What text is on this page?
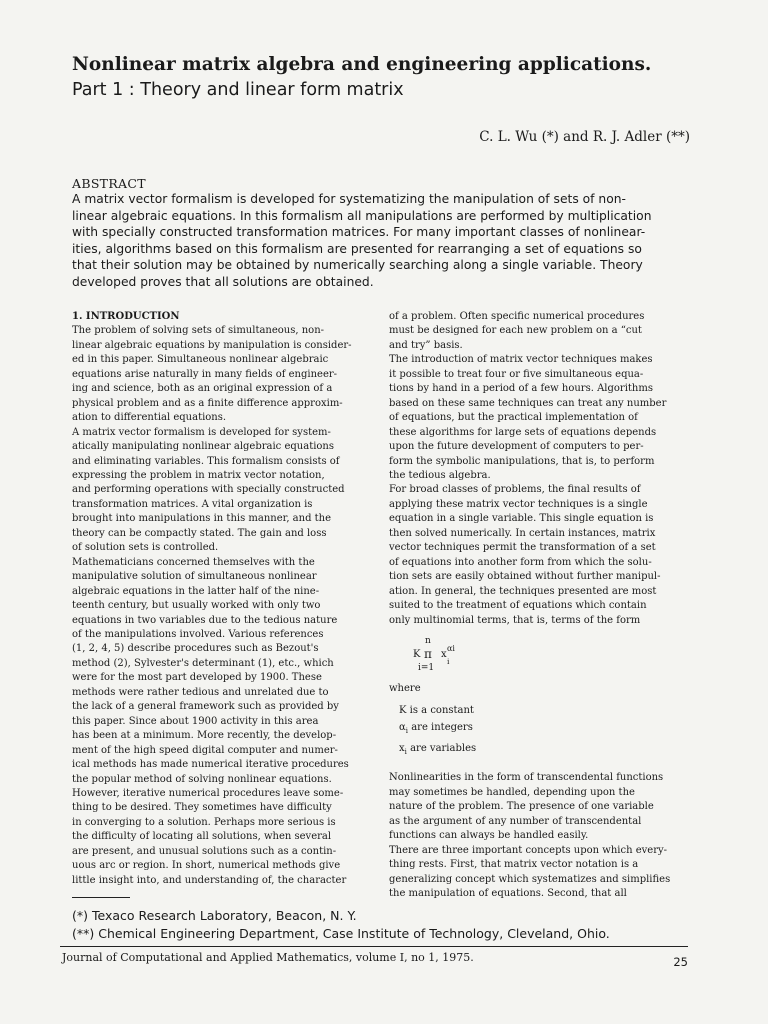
Nonlinear matrix algebra and engineering applications.
Part 1 : Theory and linear form matrix
C. L. Wu (*) and R. J. Adler (**)
ABSTRACT
A matrix vector formalism is developed for systematizing the manipulation of sets of non-
linear algebraic equations. In this formalism all manipulations are performed by multiplication
with specially constructed transformation matrices. For many important classes of nonlinear-
ities, algorithms based on this formalism are presented for rearranging a set of equations so
that their solution may be obtained by numerically searching along a single variable. Theory
developed proves that all solutions are obtained.
1. INTRODUCTION
The problem of solving sets of simultaneous, non-
linear algebraic equations by manipulation is consider-
ed in this paper. Simultaneous nonlinear algebraic
equations arise naturally in many fields of engineer-
ing and science, both as an original expression of a
physical problem and as a finite difference approxim-
ation to differential equations.
A matrix vector formalism is developed for system-
atically manipulating nonlinear algebraic equations
and eliminating variables. This formalism consists of
expressing the problem in matrix vector notation,
and performing operations with specially constructed
transformation matrices. A vital organization is
brought into manipulations in this manner, and the
theory can be compactly stated. The gain and loss
of solution sets is controlled.
Mathematicians concerned themselves with the
manipulative solution of simultaneous nonlinear
algebraic equations in the latter half of the nine-
teenth century, but usually worked with only two
equations in two variables due to the tedious nature
of the manipulations involved. Various references
(1, 2, 4, 5) describe procedures such as Bezout's
method (2), Sylvester's determinant (1), etc., which
were for the most part developed by 1900. These
methods were rather tedious and unrelated due to
the lack of a general framework such as provided by
this paper. Since about 1900 activity in this area
has been at a minimum. More recently, the develop-
ment of the high speed digital computer and numer-
ical methods has made numerical iterative procedures
the popular method of solving nonlinear equations.
However, iterative numerical procedures leave some-
thing to be desired. They sometimes have difficulty
in converging to a solution. Perhaps more serious is
the difficulty of locating all solutions, when several
are present, and unusual solutions such as a contin-
uous arc or region. In short, numerical methods give
little insight into, and understanding of, the character
of a problem. Often specific numerical procedures
must be designed for each new problem on a “cut
and try” basis.
The introduction of matrix vector techniques makes
it possible to treat four or five simultaneous equa-
tions by hand in a period of a few hours. Algorithms
based on these same techniques can treat any number
of equations, but the practical implementation of
these algorithms for large sets of equations depends
upon the future development of computers to per-
form the symbolic manipulations, that is, to perform
the tedious algebra.
For broad classes of problems, the final results of
applying these matrix vector techniques is a single
equation in a single variable. This single equation is
then solved numerically. In certain instances, matrix
vector techniques permit the transformation of a set
of equations into another form from which the solu-
tion sets are easily obtained without further manipul-
ation. In general, the techniques presented are most
suited to the treatment of equations which contain
only multinomial terms, that is, terms of the form
K
n
π
i=1
x
i
αi
where
K is a constant
$\alpha_i$ are integers
$x_i$ are variables
Nonlinearities in the form of transcendental functions
may sometimes be handled, depending upon the
nature of the problem. The presence of one variable
as the argument of any number of transcendental
functions can always be handled easily.
There are three important concepts upon which every-
thing rests. First, that matrix vector notation is a
generalizing concept which systematizes and simplifies
the manipulation of equations. Second, that all
(*) Texaco Research Laboratory, Beacon, N. Y.
(**) Chemical Engineering Department, Case Institute of Technology, Cleveland, Ohio.
Journal of Computational and Applied Mathematics, volume I, no 1, 1975.	25
